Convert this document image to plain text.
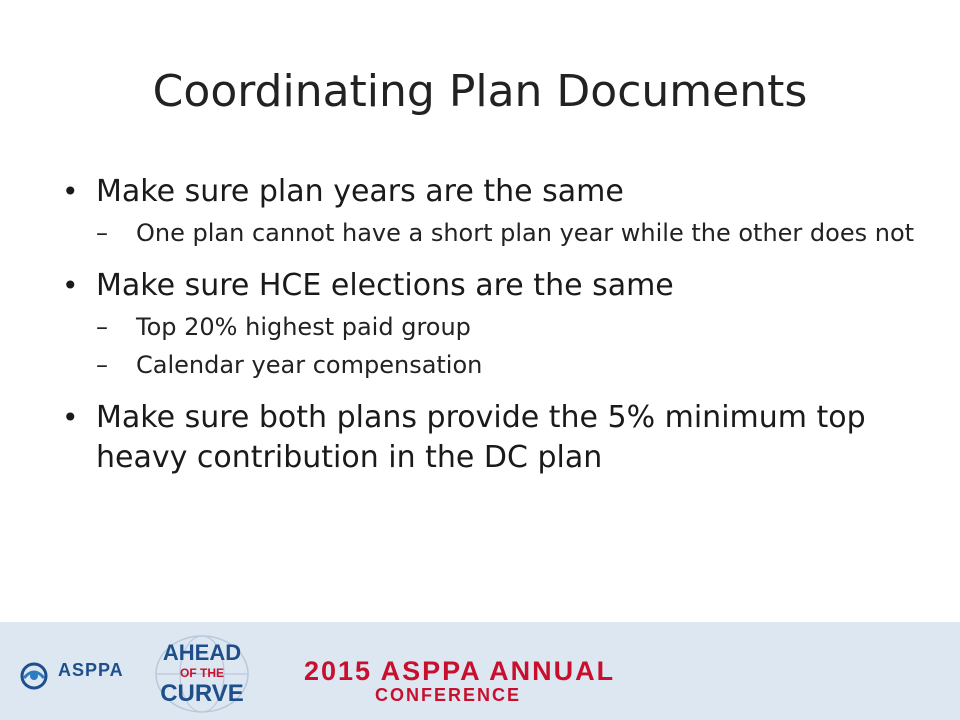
Coordinating Plan Documents
• Make sure plan years are the same
– One plan cannot have a short plan year while the other does not
• Make sure HCE elections are the same
– Top 20% highest paid group
– Calendar year compensation
• Make sure both plans provide the 5% minimum top heavy contribution in the DC plan
ASPPA
AHEAD
OF THE
CURVE
2015 ASPPA ANNUAL
CONFERENCE
